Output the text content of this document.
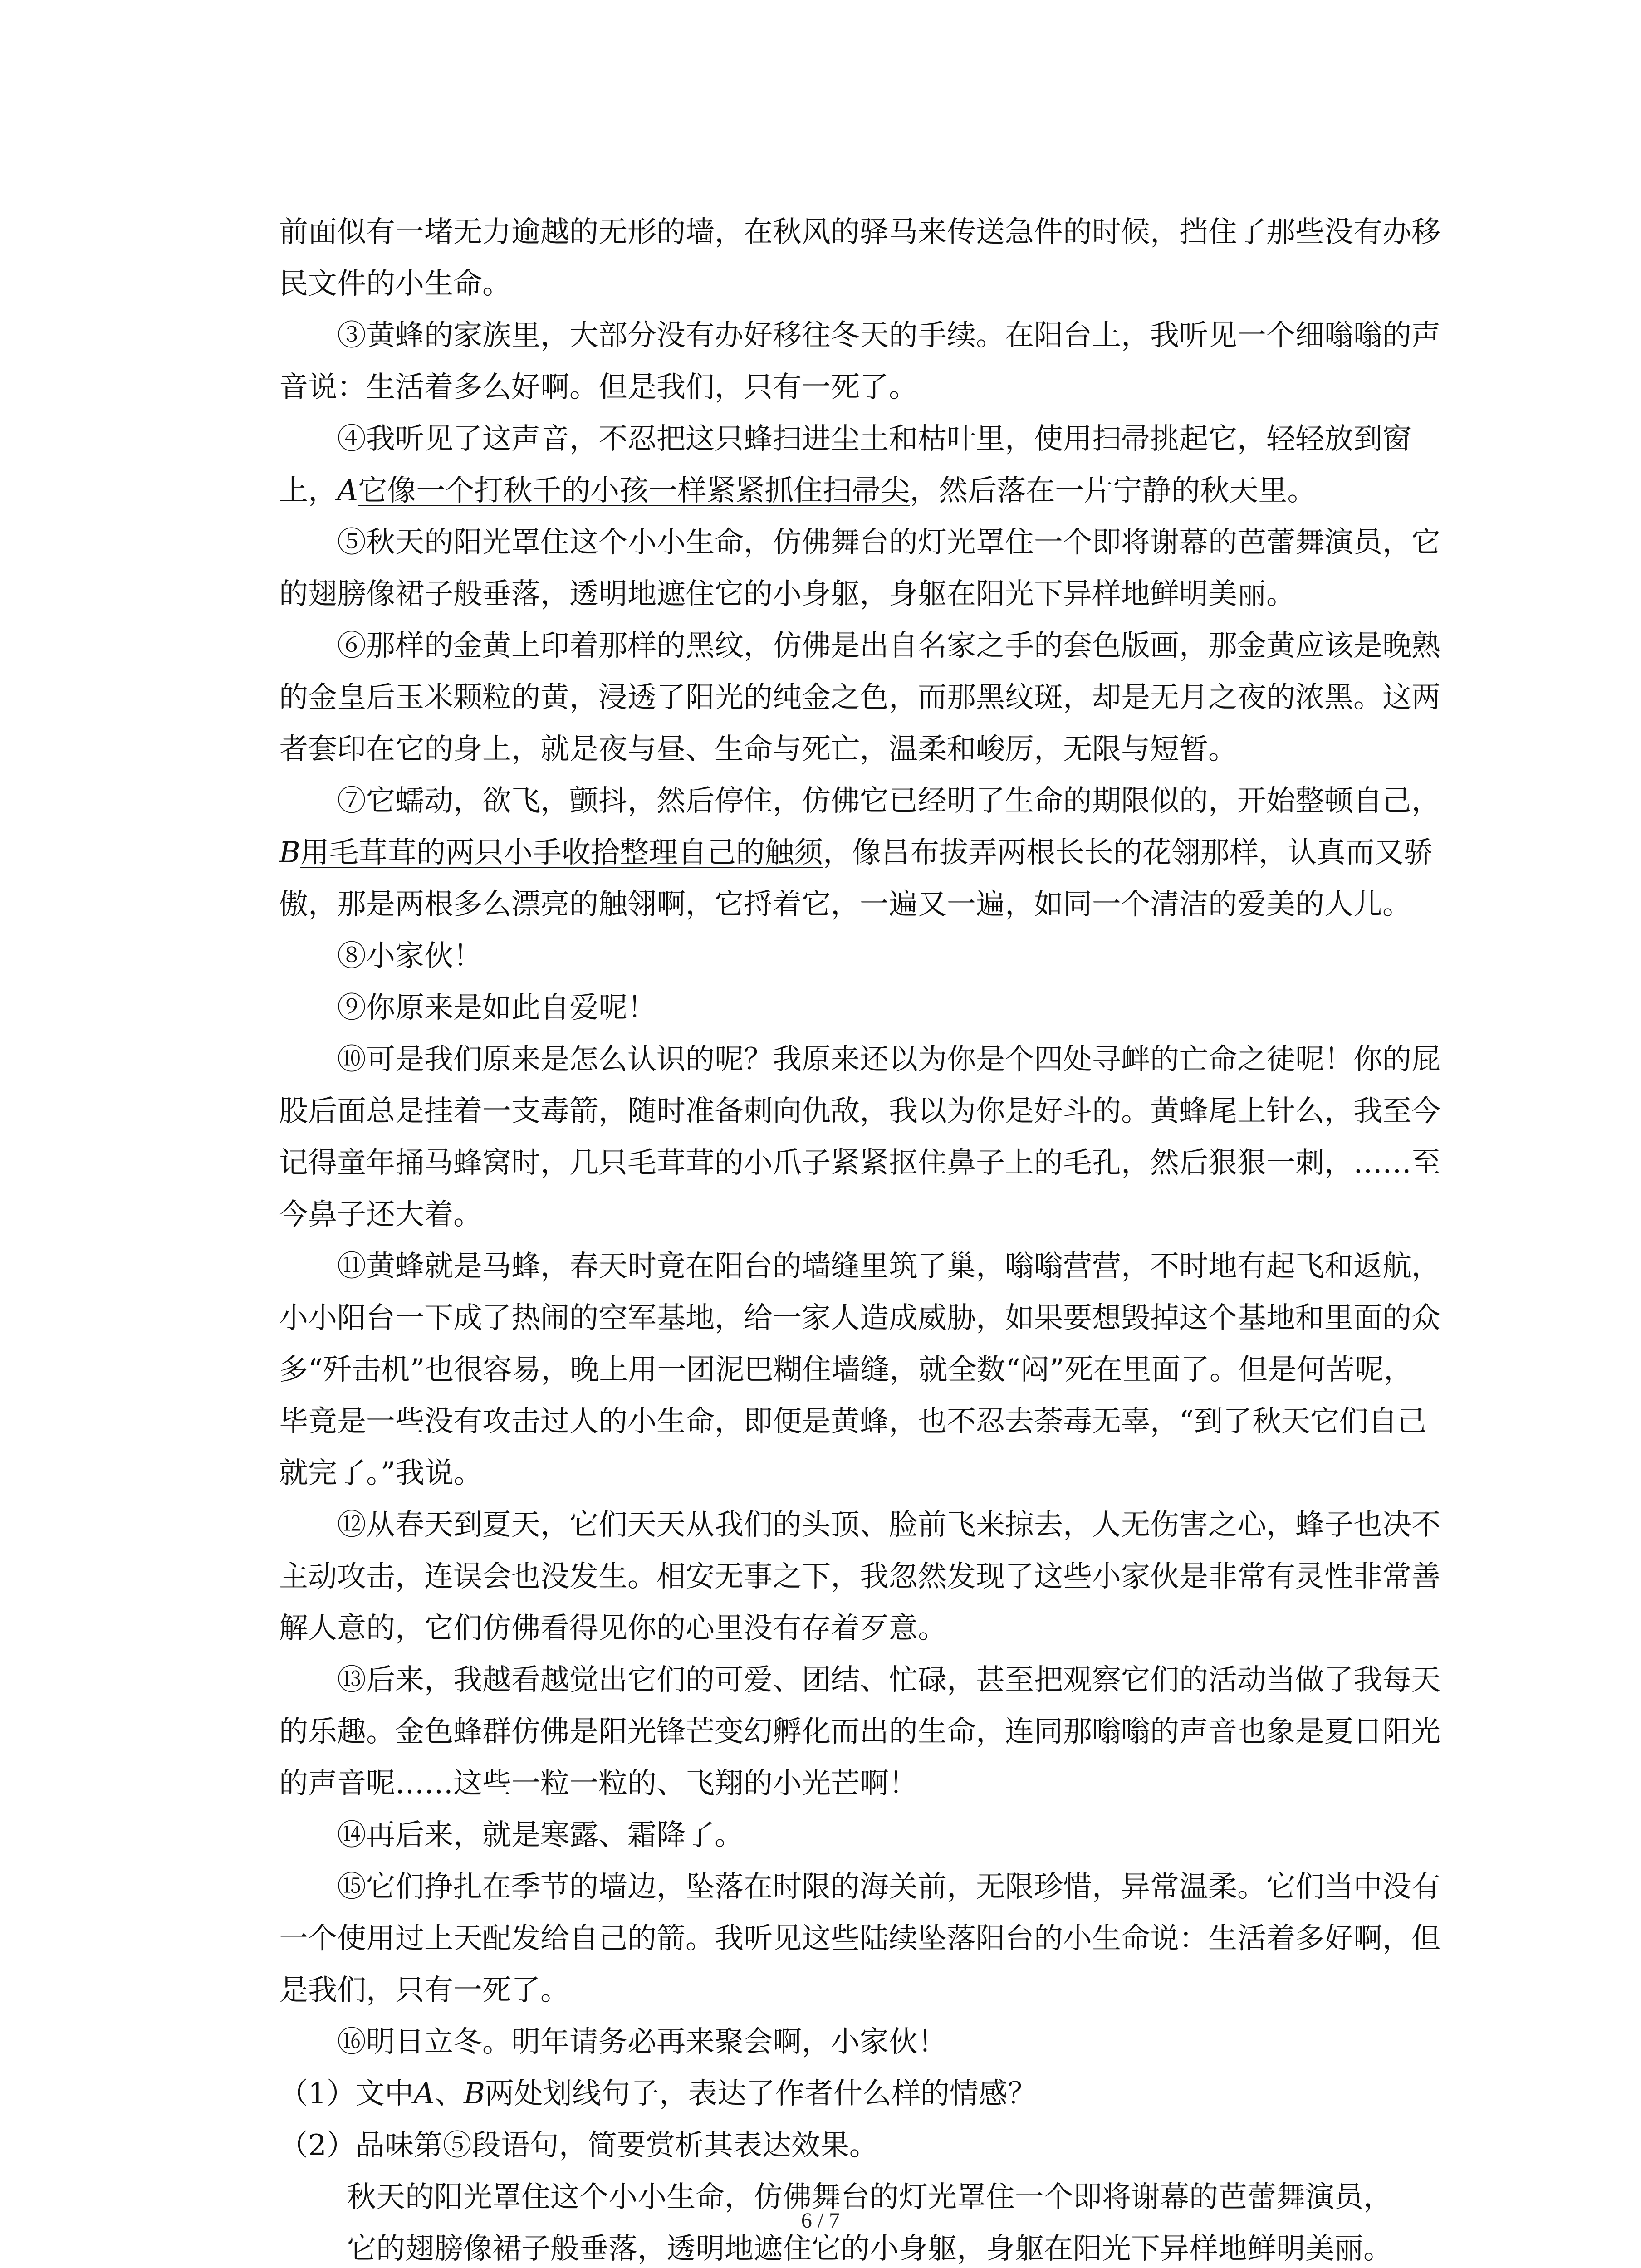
前面似有一堵无力逾越的无形的墙，在秋风的驿马来传送急件的时候，挡住了那些没有办移民文件的小生命。

③黄蜂的家族里，大部分没有办好移往冬天的手续。在阳台上，我听见一个细嗡嗡的声音说：生活着多么好啊。但是我们，只有一死了。

④我听见了这声音，不忍把这只蜂扫进尘土和枯叶里，使用扫帚挑起它，轻轻放到窗上，A它像一个打秋千的小孩一样紧紧抓住扫帚尖，然后落在一片宁静的秋天里。

⑤秋天的阳光罩住这个小小生命，仿佛舞台的灯光罩住一个即将谢幕的芭蕾舞演员，它的翅膀像裙子般垂落，透明地遮住它的小身躯，身躯在阳光下异样地鲜明美丽。

⑥那样的金黄上印着那样的黑纹，仿佛是出自名家之手的套色版画，那金黄应该是晚熟的金皇后玉米颗粒的黄，浸透了阳光的纯金之色，而那黑纹斑，却是无月之夜的浓黑。这两者套印在它的身上，就是夜与昼、生命与死亡，温柔和峻厉，无限与短暂。

⑦它蠕动，欲飞，颤抖，然后停住，仿佛它已经明了生命的期限似的，开始整顿自己，B用毛茸茸的两只小手收拾整理自己的触须，像吕布拔弄两根长长的花翎那样，认真而又骄傲，那是两根多么漂亮的触翎啊，它捋着它，一遍又一遍，如同一个清洁的爱美的人儿。

⑧小家伙！

⑨你原来是如此自爱呢！

⑩可是我们原来是怎么认识的呢？我原来还以为你是个四处寻衅的亡命之徒呢！你的屁股后面总是挂着一支毒箭，随时准备刺向仇敌，我以为你是好斗的。黄蜂尾上针么，我至今记得童年捅马蜂窝时，几只毛茸茸的小爪子紧紧抠住鼻子上的毛孔，然后狠狠一刺，……至今鼻子还大着。

⑪黄蜂就是马蜂，春天时竟在阳台的墙缝里筑了巢，嗡嗡营营，不时地有起飞和返航，小小阳台一下成了热闹的空军基地，给一家人造成威胁，如果要想毁掉这个基地和里面的众多“歼击机”也很容易，晚上用一团泥巴糊住墙缝，就全数“闷”死在里面了。但是何苦呢，毕竟是一些没有攻击过人的小生命，即便是黄蜂，也不忍去荼毒无辜，“到了秋天它们自己就完了。”我说。

⑫从春天到夏天，它们天天从我们的头顶、脸前飞来掠去，人无伤害之心，蜂子也决不主动攻击，连误会也没发生。相安无事之下，我忽然发现了这些小家伙是非常有灵性非常善解人意的，它们仿佛看得见你的心里没有存着歹意。

⑬后来，我越看越觉出它们的可爱、团结、忙碌，甚至把观察它们的活动当做了我每天的乐趣。金色蜂群仿佛是阳光锋芒变幻孵化而出的生命，连同那嗡嗡的声音也象是夏日阳光的声音呢……这些一粒一粒的、飞翔的小光芒啊！

⑭再后来，就是寒露、霜降了。

⑮它们挣扎在季节的墙边，坠落在时限的海关前，无限珍惜，异常温柔。它们当中没有一个使用过上天配发给自己的箭。我听见这些陆续坠落阳台的小生命说：生活着多好啊，但是我们，只有一死了。

⑯明日立冬。明年请务必再来聚会啊，小家伙！

（1）文中A、B两处划线句子，表达了作者什么样的情感？

（2）品味第⑤段语句，简要赏析其表达效果。

秋天的阳光罩住这个小小生命，仿佛舞台的灯光罩住一个即将谢幕的芭蕾舞演员，

它的翅膀像裙子般垂落，透明地遮住它的小身躯，身躯在阳光下异样地鲜明美丽。

6 / 7
